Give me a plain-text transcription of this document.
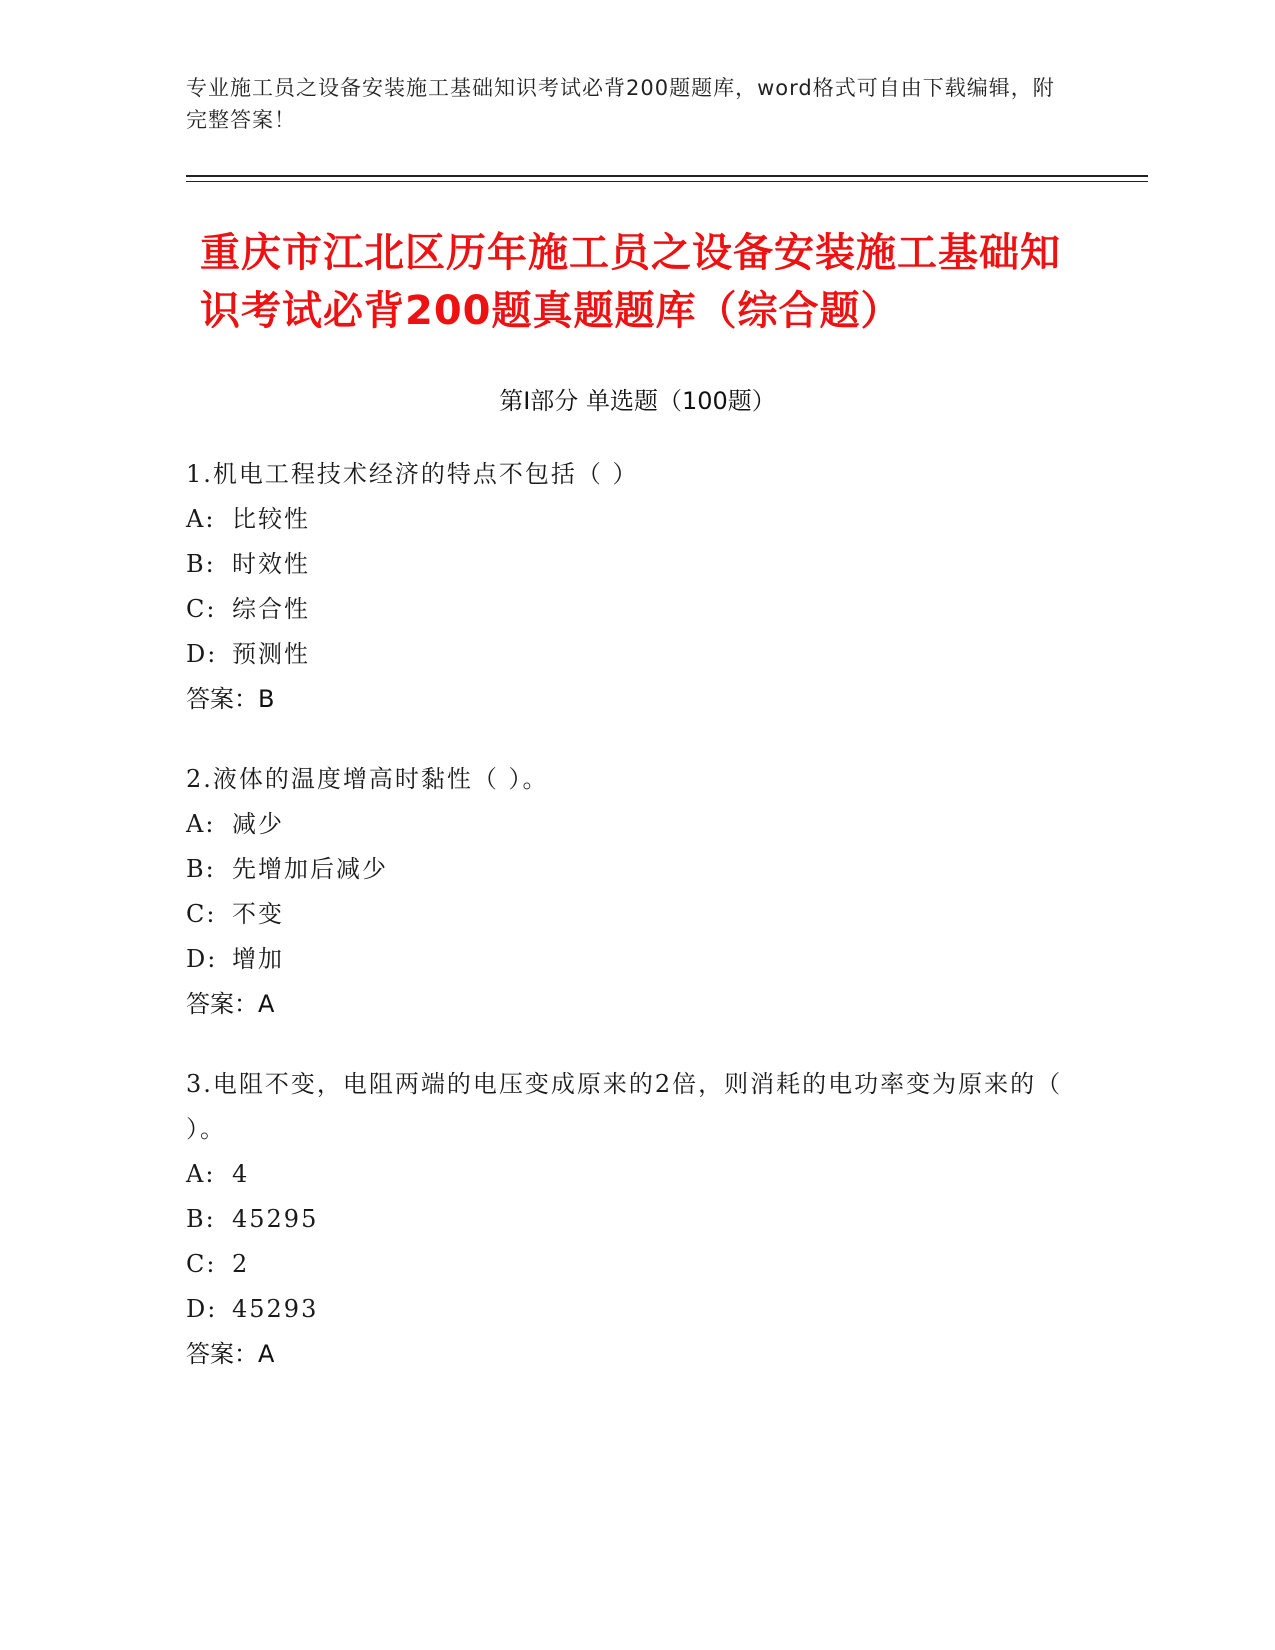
专业施工员之设备安装施工基础知识考试必背200题题库，word格式可自由下载编辑，附完整答案！
重庆市江北区历年施工员之设备安装施工基础知识考试必背200题真题题库（综合题）
第I部分 单选题（100题）
1.机电工程技术经济的特点不包括（ ）
A: 比较性
B: 时效性
C: 综合性
D: 预测性
答案：B
2.液体的温度增高时黏性（ ）。
A: 减少
B: 先增加后减少
C: 不变
D: 增加
答案：A
3.电阻不变，电阻两端的电压变成原来的2倍，则消耗的电功率变为原来的（ ）。
A: 4
B: 45295
C: 2
D: 45293
答案：A
